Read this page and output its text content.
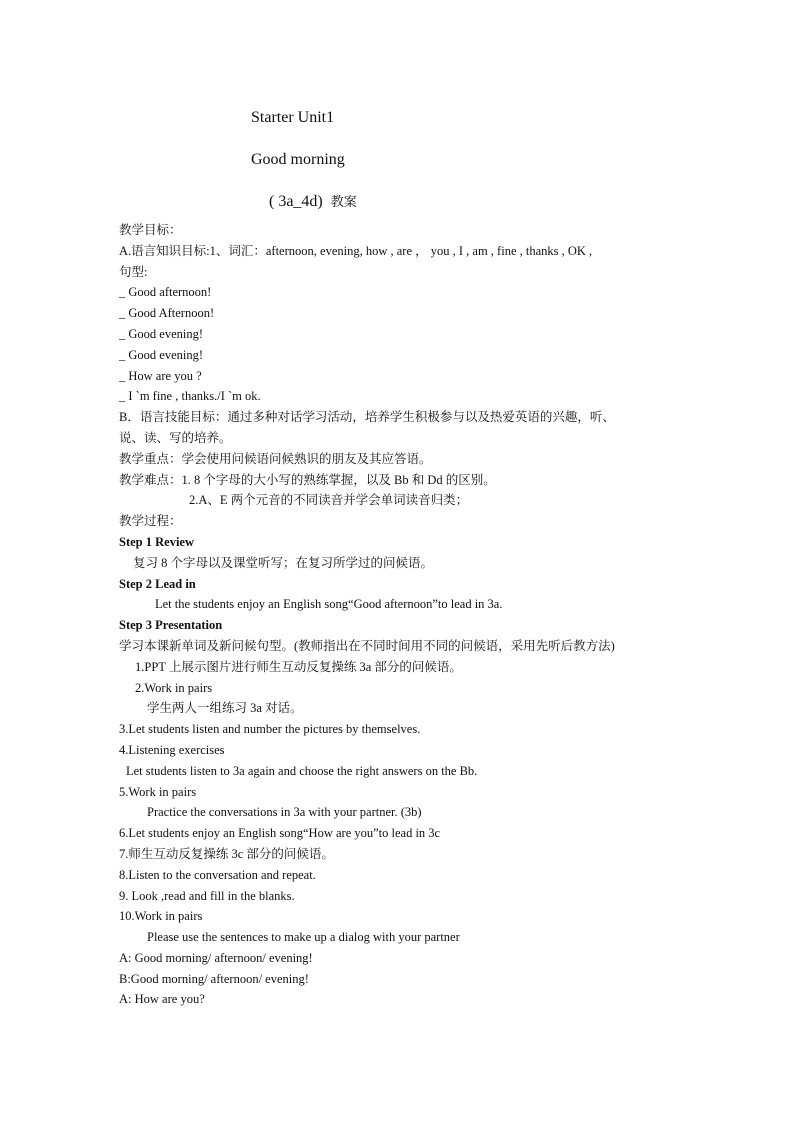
Starter Unit1
Good morning
( 3a_4d) 教案
教学目标：
A.语言知识目标:1、词汇：afternoon, evening, how , are ， you , I , am , fine , thanks , OK ,
句型:
_ Good afternoon!
_ Good Afternoon!
_ Good evening!
_ Good evening!
_ How are you ?
_ I `m fine , thanks./I `m ok.
B．语言技能目标：通过多种对话学习活动，培养学生积极参与以及热爱英语的兴趣，听、
说、读、写的培养。
教学重点：学会使用问候语问候熟识的朋友及其应答语。
教学难点：1. 8 个字母的大小写的熟练掌握，以及 Bb 和 Dd 的区别。
2.A、E 两个元音的不同读音并学会单词读音归类；
教学过程：
Step 1 Review
复习 8 个字母以及课堂听写；在复习所学过的问候语。
Step 2 Lead in
Let the students enjoy an English song“Good afternoon”to lead in 3a.
Step 3 Presentation
学习本课新单词及新问候句型。(教师指出在不同时间用不同的问候语，采用先听后教方法)
1.PPT 上展示图片进行师生互动反复操练 3a 部分的问候语。
2.Work in pairs
学生两人一组练习 3a 对话。
3.Let students listen and number the pictures by themselves.
4.Listening exercises
Let students listen to 3a again and choose the right answers on the Bb.
5.Work in pairs
Practice the conversations in 3a with your partner. (3b)
6.Let students enjoy an English song“How are you”to lead in 3c
7.师生互动反复操练 3c 部分的问候语。
8.Listen to the conversation and repeat.
9. Look ,read and fill in the blanks.
10.Work in pairs
Please use the sentences to make up a dialog with your partner
A: Good morning/ afternoon/ evening!
B:Good morning/ afternoon/ evening!
A: How are you?
